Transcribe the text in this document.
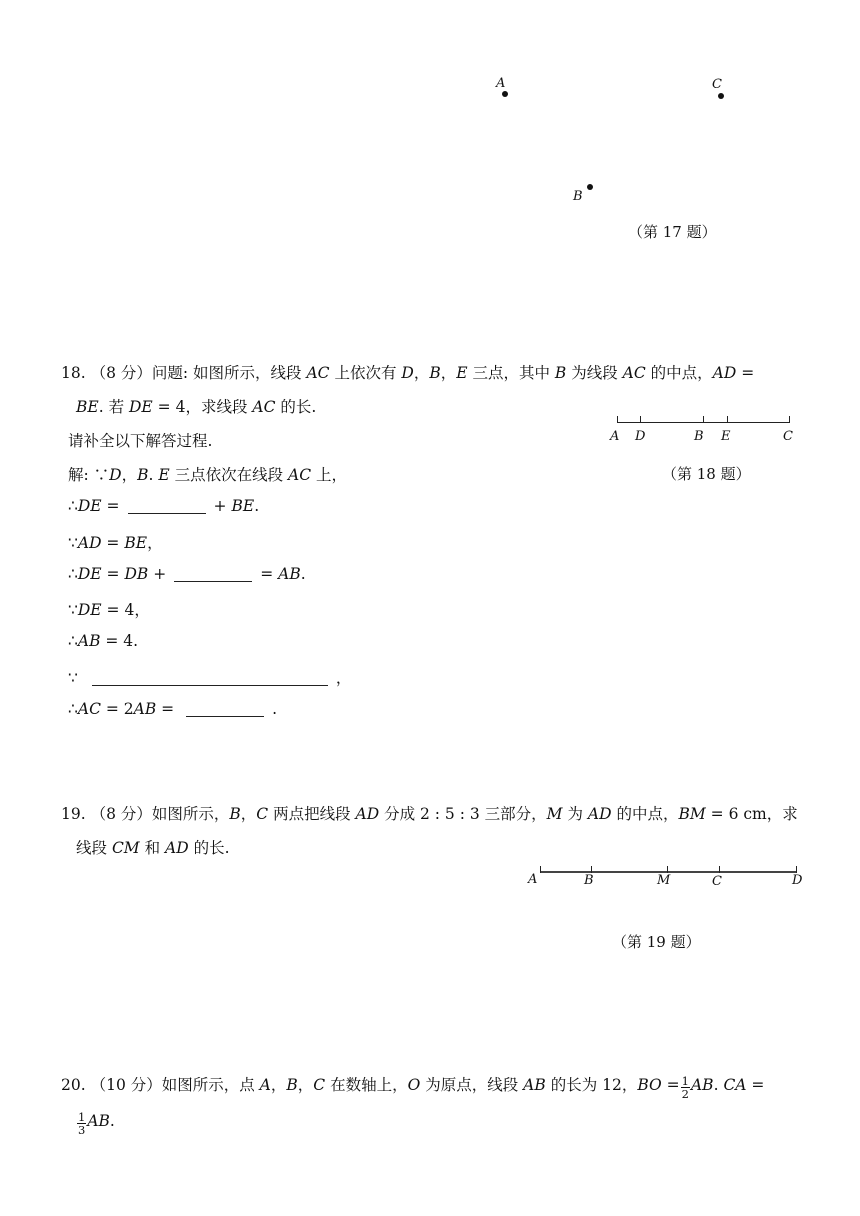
A	C
B
（第 17 题）
18. （8 分）问题: 如图所示，线段 AC 上依次有 D，B，E 三点，其中 B 为线段 AC 的中点，AD =
BE. 若 DE = 4，求线段 AC 的长.
请补全以下解答过程.	A D	B E	C
（第 18 题）
解: ∵D，B. E 三点依次在线段 AC 上，
∴DE =	+ BE.
∵AD = BE，
∴DE = DB +	= AB.
∵DE = 4，
∴AB = 4.
∵	，
∴AC = 2AB =	.
19. （8 分）如图所示，B，C 两点把线段 AD 分成 2 : 5 : 3 三部分，M 为 AD 的中点，BM = 6 cm，求
线段 CM 和 AD 的长.
A	B	M	C	D
（第 19 题）
20. （10 分）如图所示，点 A，B，C 在数轴上，O 为原点，线段 AB 的长为 12，BO = $\frac{1}{2}$ AB. CA =
$\frac{1}{3}$ AB.
